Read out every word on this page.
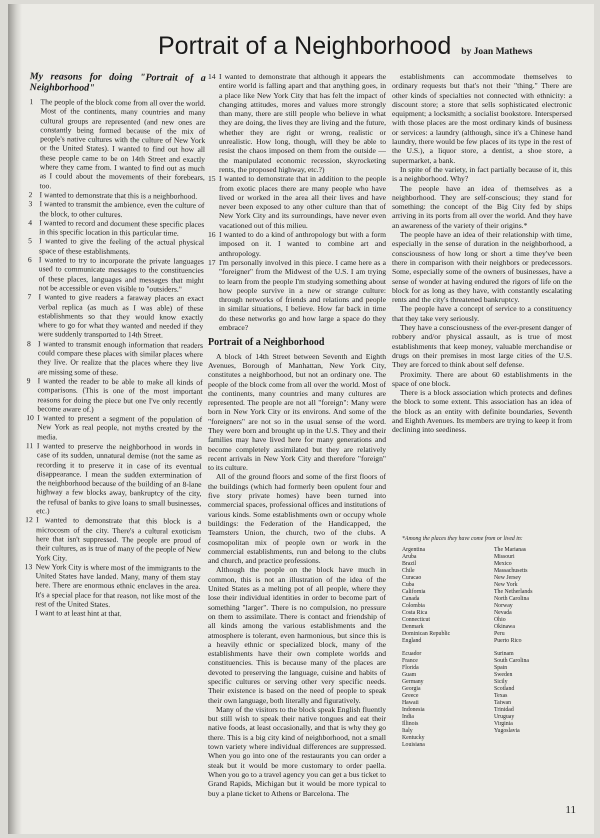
Portrait of a Neighborhood by Joan Mathews
My reasons for doing "Portrait of a Neighborhood"
1 The people of the block come from all over the world. Most of the continents, many countries and many cultural groups are represented (and new ones are constantly being formed because of the mix of people's native cultures with the culture of New York or the United States). I wanted to find out how all these people came to be on 14th Street and exactly where they came from. I wanted to find out as much as I could about the movements of their forebears, too.
2 I wanted to demonstrate that this is a neighborhood.
3 I wanted to transmit the ambience, even the culture of the block, to other cultures.
4 I wanted to record and document these specific places in this specific location in this particular time.
5 I wanted to give the feeling of the actual physical space of these establishments.
6 I wanted to try to incorporate the private languages used to communicate messages to the constituencies of these places, languages and messages that might not be accessible or even visible to "outsiders."
7 I wanted to give readers a faraway places an exact verbal replica (as much as I was able) of these establishments so that they would know exactly where to go for what they wanted and needed if they were suddenly transported to 14th Street.
8 I wanted to transmit enough information that readers could compare these places with similar places where they live. Or realize that the places where they live are missing some of these.
9 I wanted the reader to be able to make all kinds of comparisons. (This is one of the most important reasons for doing the piece but one I've only recently become aware of.)
10 I wanted to present a segment of the population of New York as real people, not myths created by the media.
11 I wanted to preserve the neighborhood in words in case of its sudden, unnatural demise (not the same as recording it to preserve it in case of its eventual disappearance. I mean the sudden extermination of the neighborhood because of the building of an 8-lane highway a few blocks away, bankruptcy of the city, the refusal of banks to give loans to small businesses, etc.)
12 I wanted to demonstrate that this block is a microcosm of the city. There's a cultural exoticism here that isn't suppressed. The people are proud of their cultures, as is true of many of the people of New York City.
13 New York City is where most of the immigrants to the United States have landed. Many, many of them stay here. There are enormous ethnic enclaves in the area. It's a special place for that reason, not like most of the rest of the United States.
I want to at least hint at that.
14 I wanted to demonstrate that although it appears the entire world is falling apart and that anything goes, in a place like New York City that has felt the impact of changing attitudes, mores and values more strongly than many, there are still people who believe in what they are doing, the lives they are living and the future, whether they are right or wrong, realistic or unrealistic. How long, though, will they be able to resist the chaos imposed on them from the outside — the manipulated economic recession, skyrocketing rents, the proposed highway, etc.?)
15 I wanted to demonstrate that in addition to the people from exotic places there are many people who have lived or worked in the area all their lives and have never been exposed to any other culture than that of New York City and its surroundings, have never even vacationed out of this milieu.
16 I wanted to do a kind of anthropology but with a form imposed on it. I wanted to combine art and anthropology.
17 I'm personally involved in this piece. I came here as a "foreigner" from the Midwest of the U.S. I am trying to learn from the people I'm studying something about how people survive in a new or strange culture: through networks of friends and relations and people in similar situations, I believe. How far back in time do these networks go and how large a space do they embrace?
Portrait of a Neighborhood

A block of 14th Street between Seventh and Eighth Avenues, Borough of Manhattan, New York City, constitutes a neighborhood, but not an ordinary one. The people of the block come from all over the world. Most of the continents, many countries and many cultures are represented. The people are not all "foreign": Many were born in New York City or its environs. And some of the "foreigners" are not so in the usual sense of the word. They were born and brought up in the U.S. They and their families may have lived here for many generations and become completely assimilated but they are relatively recent arrivals in New York City and therefore "foreign" to its culture.

All of the ground floors and some of the first floors of the buildings (which had formerly been opulent four and five story private homes) have been turned into commercial spaces, professional offices and institutions of various kinds. Some establishments own or occupy whole buildings: the Federation of the Handicapped, the Teamsters Union, the church, two of the clubs. A cosmopolitan mix of people own or work in the commercial establishments, run and belong to the clubs and church, and practice professions.

Although the people on the block have much in common, this is not an illustration of the idea of the United States as a melting pot of all people, where they lose their individual identities in order to become part of something "larger". There is no compulsion, no pressure on them to assimilate. There is contact and friendship of all kinds among the various establishments and the atmosphere is tolerant, even harmonious, but since this is a heavily ethnic or specialized block, many of the establishments have their own complete worlds and constituencies. This is because many of the places are devoted to preserving the language, cuisine and habits of specific cultures or serving other very specific needs. Their existence is based on the need of people to speak their own language, both literally and figuratively.

Many of the visitors to the block speak English fluently but still wish to speak their native tongues and eat their native foods, at least occasionally, and that is why they go there. This is a big city kind of neighborhood, not a small town variety where individual differences are suppressed. When you go into one of the restaurants you can order a steak but it would be more customary to order paella. When you go to a travel agency you can get a bus ticket to Grand Rapids, Michigan but it would be more typical to buy a plane ticket to Athens or Barcelona. The

establishments can accommodate themselves to ordinary requests but that's not their "thing." There are other kinds of specialties not connected with ethnicity: a discount store; a store that sells sophisticated electronic equipment; a locksmith; a socialist bookstore. Interspersed with those places are the most ordinary kinds of business or services: a laundry (although, since it's a Chinese hand laundry, there would be few places of its type in the rest of the U.S.), a liquor store, a dentist, a shoe store, a supermarket, a bank.

In spite of the variety, in fact partially because of it, this is a neighborhood. Why?

The people have an idea of themselves as a neighborhood. They are self-conscious; they stand for something: the concept of the Big City fed by ships arriving in its ports from all over the world. And they have an awareness of the variety of their origins.*

The people have an idea of their relationship with time, especially in the sense of duration in the neighborhood, a consciousness of how long or short a time they've been there in comparison with their neighbors or predecessors. Some, especially some of the owners of businesses, have a sense of wonder at having endured the rigors of life on the block for as long as they have, with constantly escalating rents and the city's threatened bankruptcy.

The people have a concept of service to a constituency that they take very seriously.

They have a consciousness of the ever-present danger of robbery and/or physical assault, as is true of most establishments that keep money, valuable merchandise or drugs on their premises in most large cities of the U.S. They are forced to think about self defense.

Proximity. There are about 60 establishments in the space of one block.

There is a block association which protects and defines the block to some extent. This association has an idea of the block as an entity with definite boundaries, Seventh and Eighth Avenues. Its members are trying to keep it from declining into seediness.

*Among the places they have come from or lived in:
Argentina
Aruba
Brazil
Chile
Curacao
Cuba
California
Canada
Colombia
Costa Rica
Connecticut
Denmark
Dominican Republic
England
Ecuador
France
Florida
Guam
Germany
Georgia
Greece
Hawaii
Indonesia
India
Illinois
Italy
Kentucky
Louisiana
The Marianas
Missouri
Mexico
Massachusetts
New Jersey
New York
The Netherlands
North Carolina
Norway
Nevada
Ohio
Okinawa
Peru
Puerto Rico
Surinam
South Carolina
Spain
Sweden
Sicily
Scotland
Texas
Taiwan
Trinidad
Uruguay
Virginia
Yugoslavia
11
